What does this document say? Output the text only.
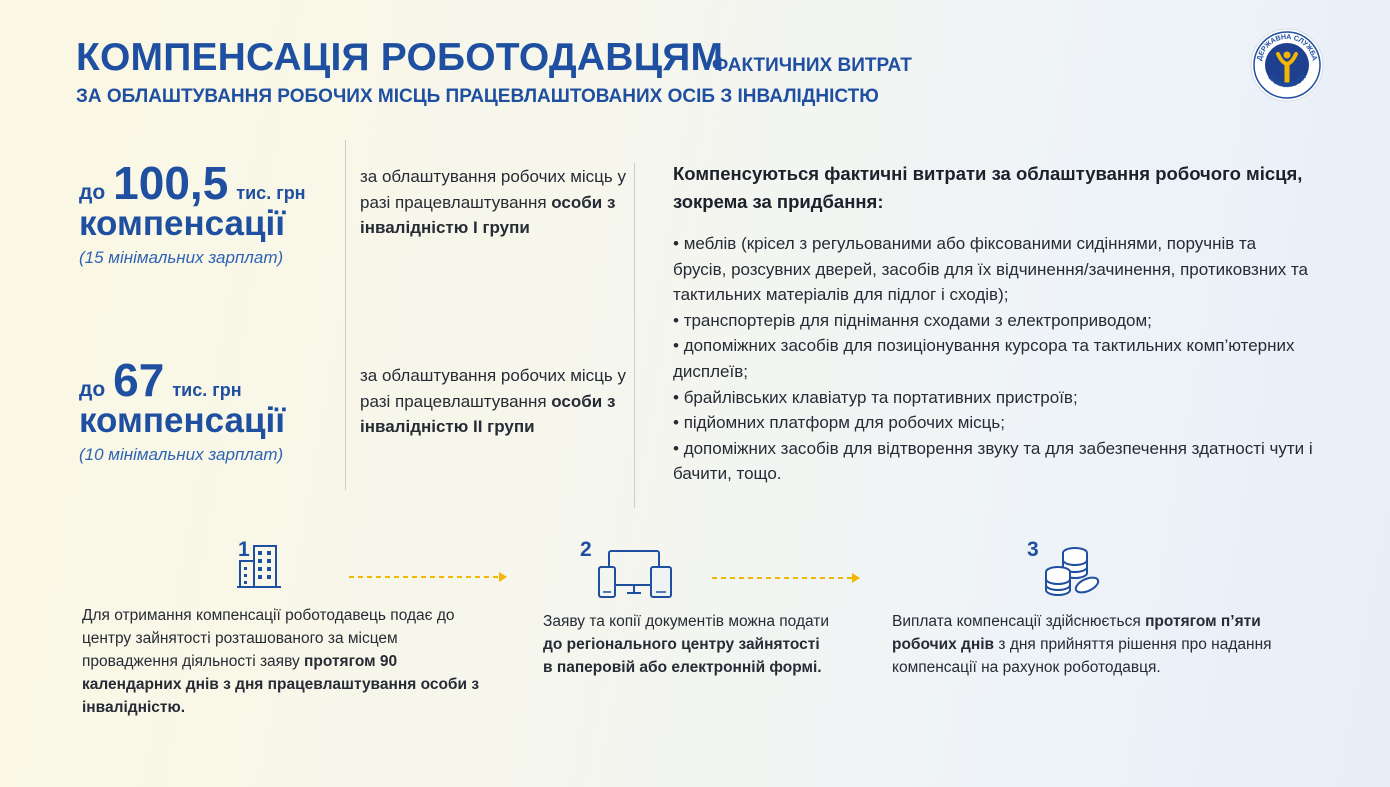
КОМПЕНСАЦІЯ РОБОТОДАВЦЯМ
ФАКТИЧНИХ ВИТРАТ
ЗА ОБЛАШТУВАННЯ РОБОЧИХ МІСЦЬ ПРАЦЕВЛАШТОВАНИХ ОСІБ З ІНВАЛІДНІСТЮ
ДЕРЖАВНА СЛУЖБА
ЗАЙНЯТОСТІ
до 100,5 тис. грн
компенсації
(15 мінімальних зарплат)
за облаштування робочих місць у разі працевлаштування особи з інвалідністю I групи
до 67 тис. грн
компенсації
(10 мінімальних зарплат)
за облаштування робочих місць у разі працевлаштування особи з інвалідністю II групи
Компенсуються фактичні витрати за облаштування робочого місця, зокрема за придбання:
• меблів (крісел з регульованими або фіксованими сидіннями, поручнів та брусів, розсувних дверей, засобів для їх відчинення/зачинення, протиковзних та тактильних матеріалів для підлог і сходів);
• транспортерів для піднімання сходами з електроприводом;
• допоміжних засобів для позиціонування курсора та тактильних комп’ютерних дисплеїв;
• брайлівських клавіатур та портативних пристроїв;
• підйомних платформ для робочих місць;
• допоміжних засобів для відтворення звуку та для забезпечення здатності чути і бачити, тощо.
1
Для отримання компенсації роботодавець подає до центру зайнятості розташованого за місцем провадження діяльності заяву протягом 90 календарних днів з дня працевлаштування особи з інвалідністю.
2
Заяву та копії документів можна подати до регіонального центру зайнятості в паперовій або електронній формі.
3
Виплата компенсації здійснюється протягом п’яти робочих днів з дня прийняття рішення про надання компенсації на рахунок роботодавця.
